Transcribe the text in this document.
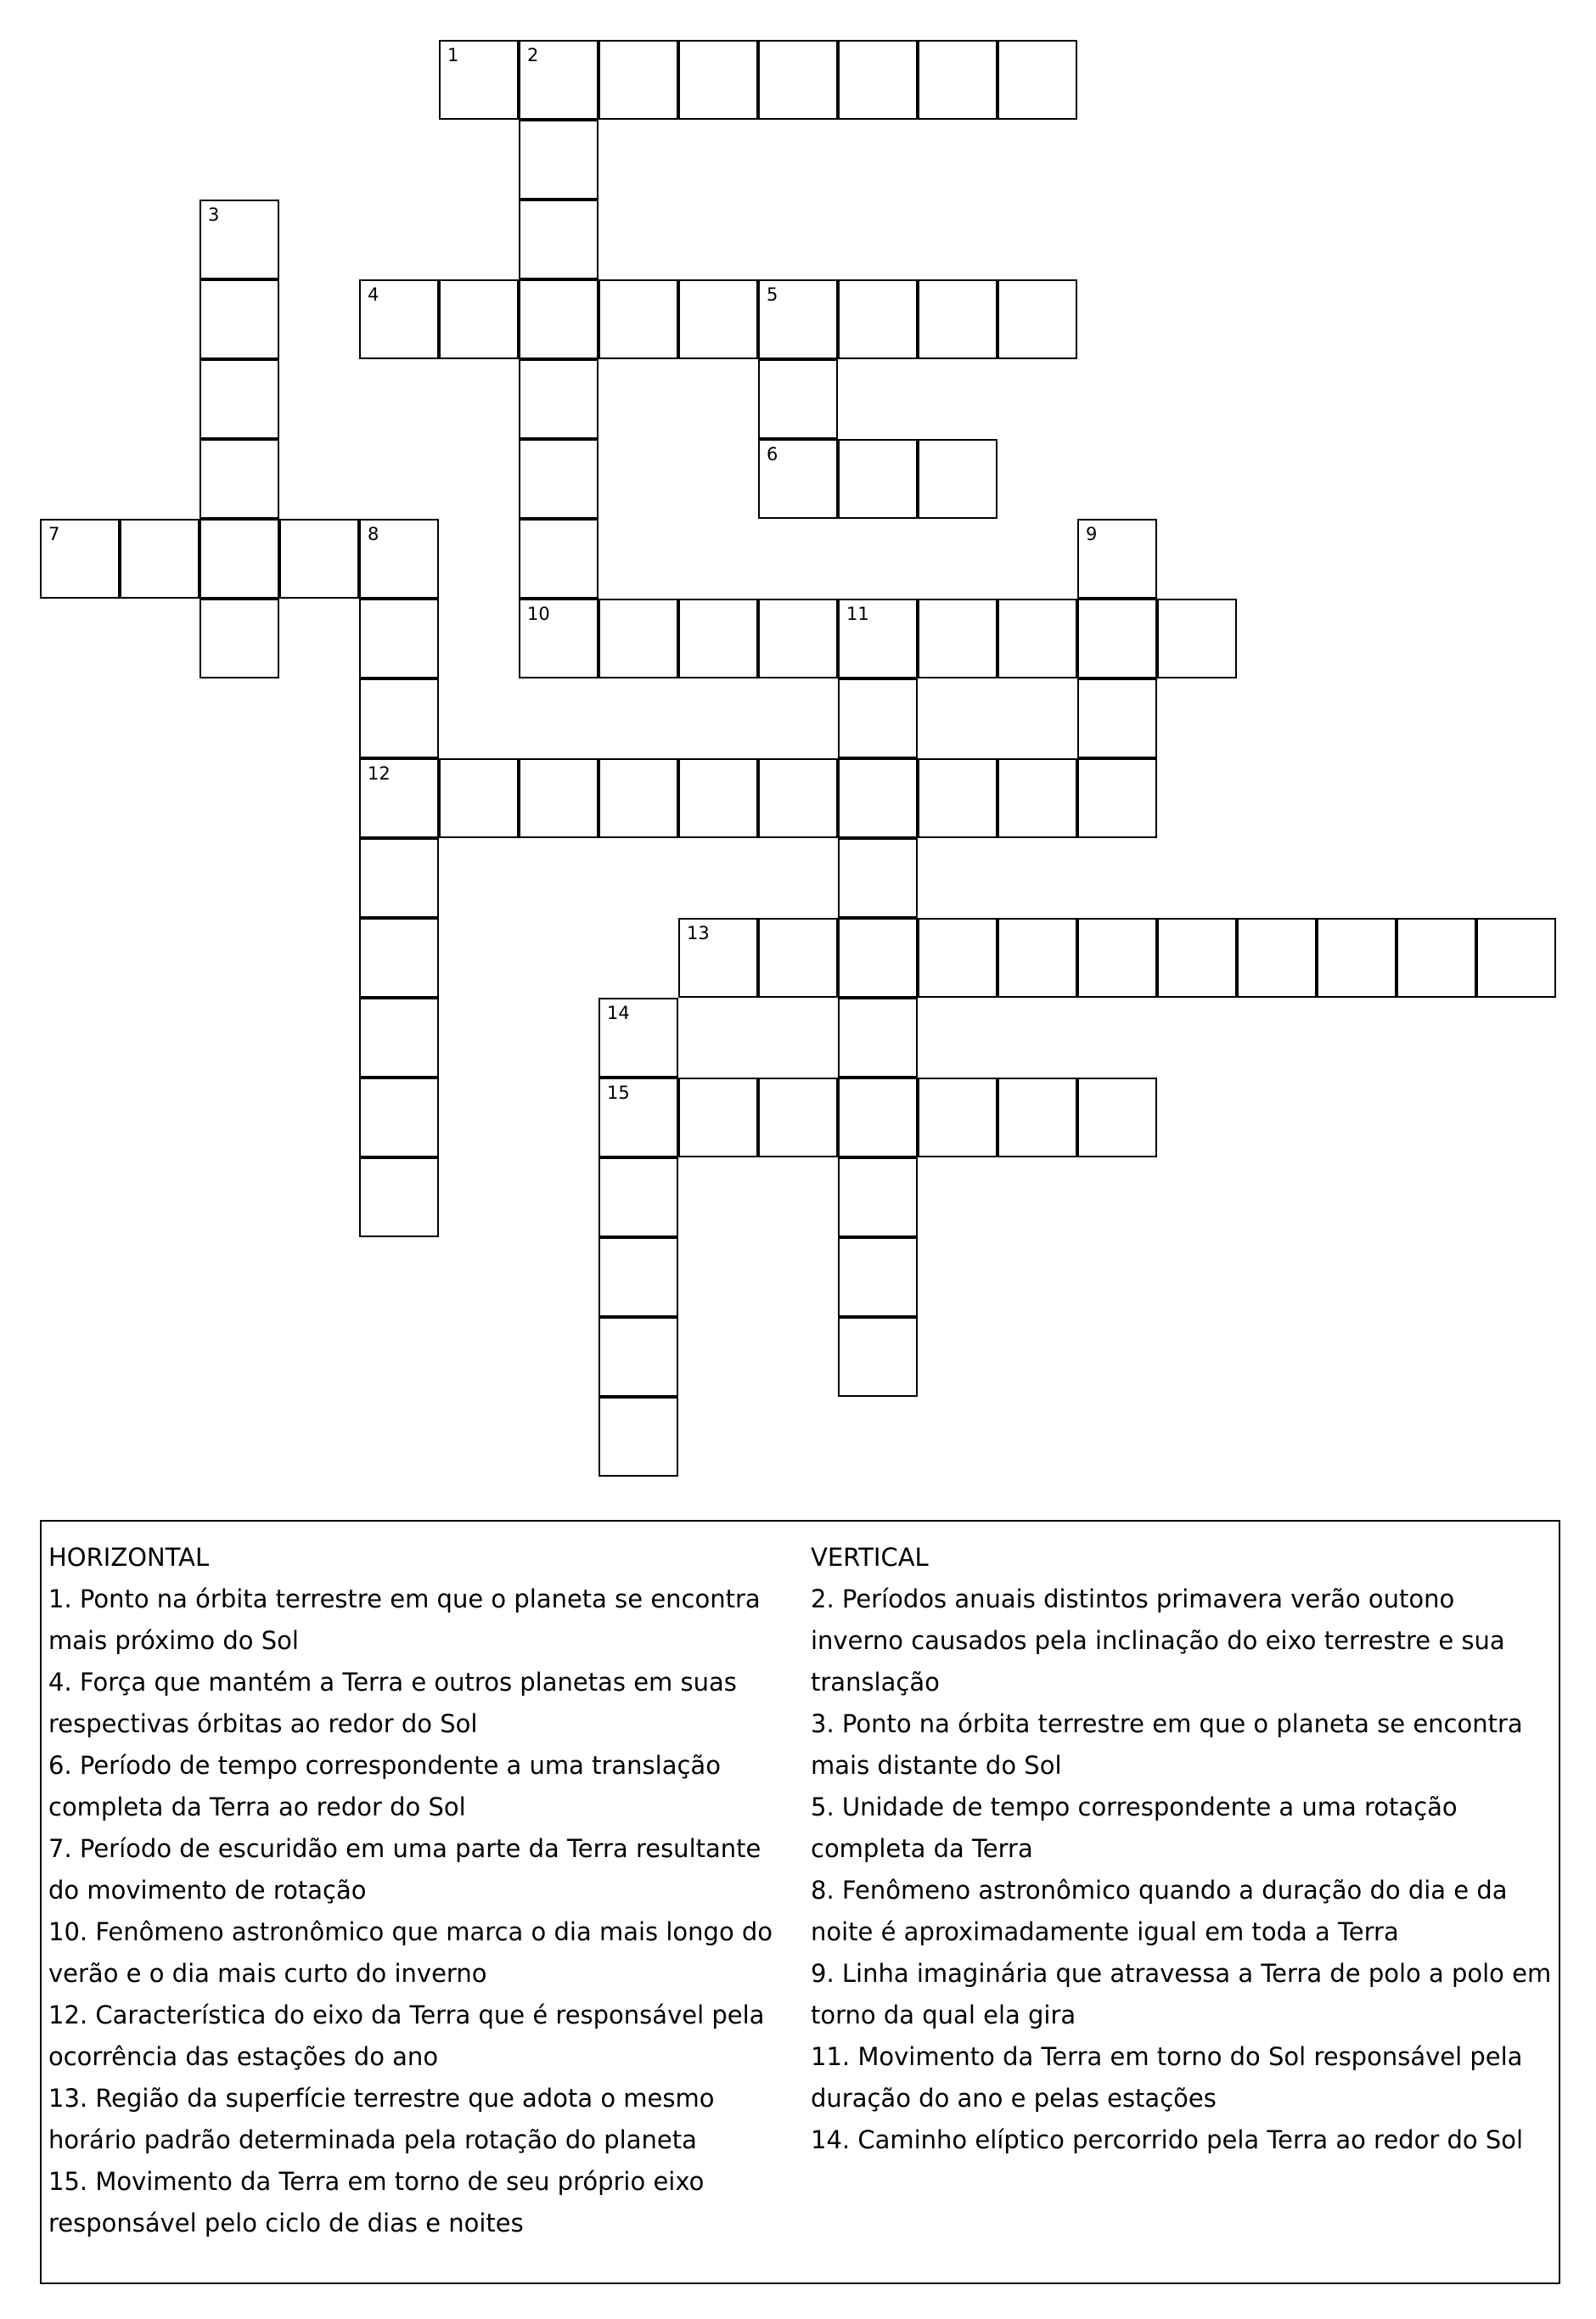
1	2
10
3
4	5
6
7	8
12
9
11
13
14
15
HORIZONTAL
1. Ponto na órbita terrestre em que o planeta se encontra mais próximo do Sol
4. Força que mantém a Terra e outros planetas em suas respectivas órbitas ao redor do Sol
6. Período de tempo correspondente a uma translação completa da Terra ao redor do Sol
7. Período de escuridão em uma parte da Terra resultante do movimento de rotação
10. Fenômeno astronômico que marca o dia mais longo do verão e o dia mais curto do inverno
12. Característica do eixo da Terra que é responsável pela ocorrência das estações do ano
13. Região da superfície terrestre que adota o mesmo horário padrão determinada pela rotação do planeta
15. Movimento da Terra em torno de seu próprio eixo responsável pelo ciclo de dias e noites
VERTICAL
2. Períodos anuais distintos primavera verão outono inverno causados pela inclinação do eixo terrestre e sua translação
3. Ponto na órbita terrestre em que o planeta se encontra mais distante do Sol
5. Unidade de tempo correspondente a uma rotação completa da Terra
8. Fenômeno astronômico quando a duração do dia e da noite é aproximadamente igual em toda a Terra
9. Linha imaginária que atravessa a Terra de polo a polo em torno da qual ela gira
11. Movimento da Terra em torno do Sol responsável pela duração do ano e pelas estações
14. Caminho elíptico percorrido pela Terra ao redor do Sol
